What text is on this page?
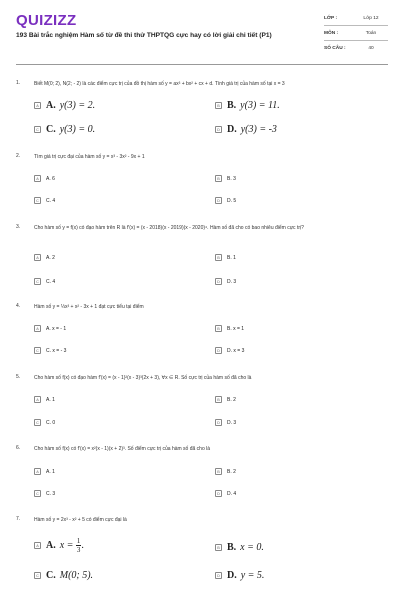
QUIZIZZ
193 Bài trắc nghiệm Hàm số từ đề thi thử THPTQG cực hay có lời giải chi tiết (P1)
LỚP :	Lớp 12
MÔN :	Toán
SỐ CÂU :	40
1.	Biết M(0; 2), N(2; - 2) là các điểm cực trị của đồ thị hàm số y = ax³ + bx² + cx + d. Tính giá trị của hàm số tại x = 3
A A. y(3) = 2.	B B. y(3) = 11.
C C. y(3) = 0.	D D. y(3) = -3
2.	Tìm giá trị cực đại của hàm số y = x³ - 3x² - 9x + 1
A	A. 6	B	B. 3
C	C. 4	D	D. 5
3.	Cho hàm số y = f(x) có đạo hàm trên R là f'(x) = (x - 2018)(x - 2019)(x - 2020)⁴. Hàm số đã cho có bao nhiêu điểm cực trị?
A	A. 2	B	B. 1
C	C. 4	D	D. 3
4.	Hàm số y = ⅓x³ + x² - 3x + 1 đạt cực tiểu tại điểm
A	A. x = - 1	B	B. x = 1
C	C. x = - 3	D	D. x = 3
5.	Cho hàm số f(x) có đạo hàm f'(x) = (x - 1)²(x - 3)³(2x + 3), ∀x ∈ R. Số cực trị của hàm số đã cho là
A	A. 1	B	B. 2
C	C. 0	D	D. 3
6.	Cho hàm số f(x) có f'(x) = x²(x - 1)(x + 2)³. Số điểm cực trị của hàm số đã cho là
A	A. 1	B	B. 2
C	C. 3	D	D. 4
7.	Hàm số y = 2x³ - x² + 5 có điểm cực đại là
A A. $x = \frac{1}{3}$ .	B B. x = 0.
C C. M(0; 5).	D D. y = 5.
